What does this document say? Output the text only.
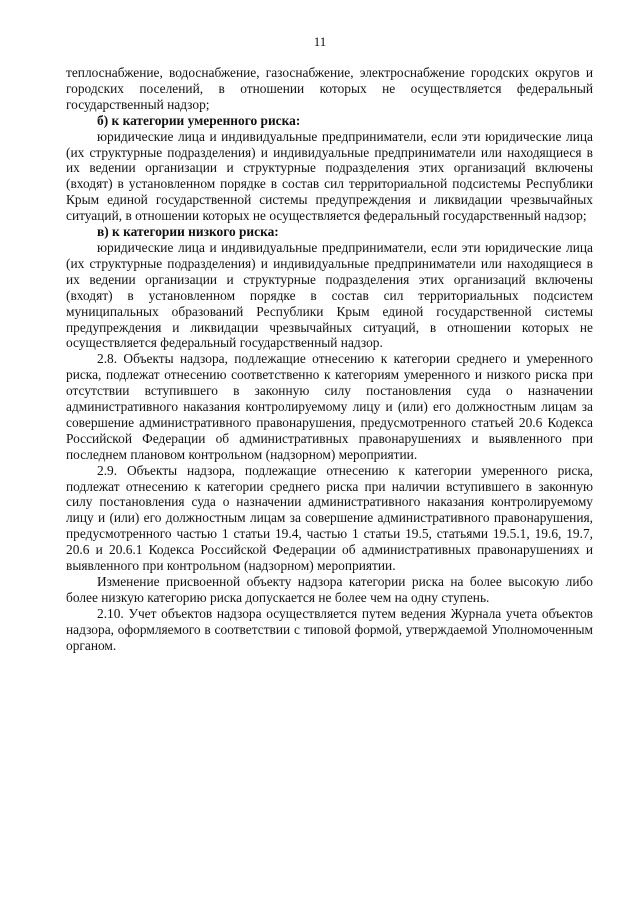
11

теплоснабжение, водоснабжение, газоснабжение, электроснабжение городских округов и городских поселений, в отношении которых не осуществляется федеральный государственный надзор;

б) к категории умеренного риска:

юридические лица и индивидуальные предприниматели, если эти юридические лица (их структурные подразделения) и индивидуальные предприниматели или находящиеся в их ведении организации и структурные подразделения этих организаций включены (входят) в установленном порядке в состав сил территориальной подсистемы Республики Крым единой государственной системы предупреждения и ликвидации чрезвычайных ситуаций, в отношении которых не осуществляется федеральный государственный надзор;

в) к категории низкого риска:

юридические лица и индивидуальные предприниматели, если эти юридические лица (их структурные подразделения) и индивидуальные предприниматели или находящиеся в их ведении организации и структурные подразделения этих организаций включены (входят) в установленном порядке в состав сил территориальных подсистем муниципальных образований Республики Крым единой государственной системы предупреждения и ликвидации чрезвычайных ситуаций, в отношении которых не осуществляется федеральный государственный надзор.

2.8. Объекты надзора, подлежащие отнесению к категории среднего и умеренного риска, подлежат отнесению соответственно к категориям умеренного и низкого риска при отсутствии вступившего в законную силу постановления суда о назначении административного наказания контролируемому лицу и (или) его должностным лицам за совершение административного правонарушения, предусмотренного статьей 20.6 Кодекса Российской Федерации об административных правонарушениях и выявленного при последнем плановом контрольном (надзорном) мероприятии.

2.9. Объекты надзора, подлежащие отнесению к категории умеренного риска, подлежат отнесению к категории среднего риска при наличии вступившего в законную силу постановления суда о назначении административного наказания контролируемому лицу и (или) его должностным лицам за совершение административного правонарушения, предусмотренного частью 1 статьи 19.4, частью 1 статьи 19.5, статьями 19.5.1, 19.6, 19.7, 20.6 и 20.6.1 Кодекса Российской Федерации об административных правонарушениях и выявленного при контрольном (надзорном) мероприятии.

Изменение присвоенной объекту надзора категории риска на более высокую либо более низкую категорию риска допускается не более чем на одну ступень.

2.10. Учет объектов надзора осуществляется путем ведения Журнала учета объектов надзора, оформляемого в соответствии с типовой формой, утверждаемой Уполномоченным органом.
